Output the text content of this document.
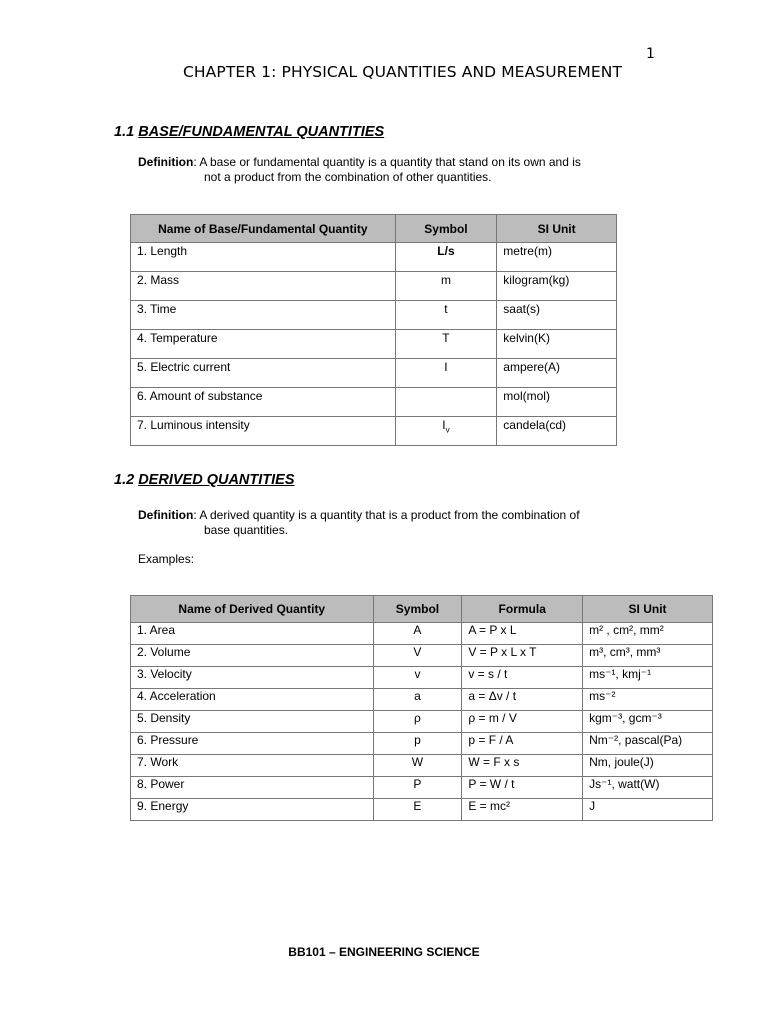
1
CHAPTER 1: PHYSICAL QUANTITIES AND MEASUREMENT
1.1 BASE/FUNDAMENTAL QUANTITIES
Definition: A base or fundamental quantity is a quantity that stand on its own and is
not a product from the combination of other quantities.
Name of Base/Fundamental Quantity	Symbol	SI Unit
1. Length	L/s	metre(m)
2. Mass	m	kilogram(kg)
3. Time	t	saat(s)
4. Temperature	T	kelvin(K)
5. Electric current	I	ampere(A)
6. Amount of substance		mol(mol)
7. Luminous intensity	$I_v$	candela(cd)
1.2 DERIVED QUANTITIES
Definition: A derived quantity is a quantity that is a product from the combination of
base quantities.
Examples:
Name of Derived Quantity	Symbol	Formula	SI Unit
1. Area	A	A = P x L	m² , cm², mm²
2. Volume	V	V = P x L x T	m³, cm³, mm³
3. Velocity	v	v = s / t	ms⁻¹, kmj⁻¹
4. Acceleration	a	a = Δv / t	ms⁻²
5. Density	ρ	ρ = m / V	kgm⁻³, gcm⁻³
6. Pressure	p	p = F / A	Nm⁻², pascal(Pa)
7. Work	W	W = F x s	Nm, joule(J)
8. Power	P	P = W / t	Js⁻¹, watt(W)
9. Energy	E	E = mc²	J
BB101 – ENGINEERING SCIENCE
